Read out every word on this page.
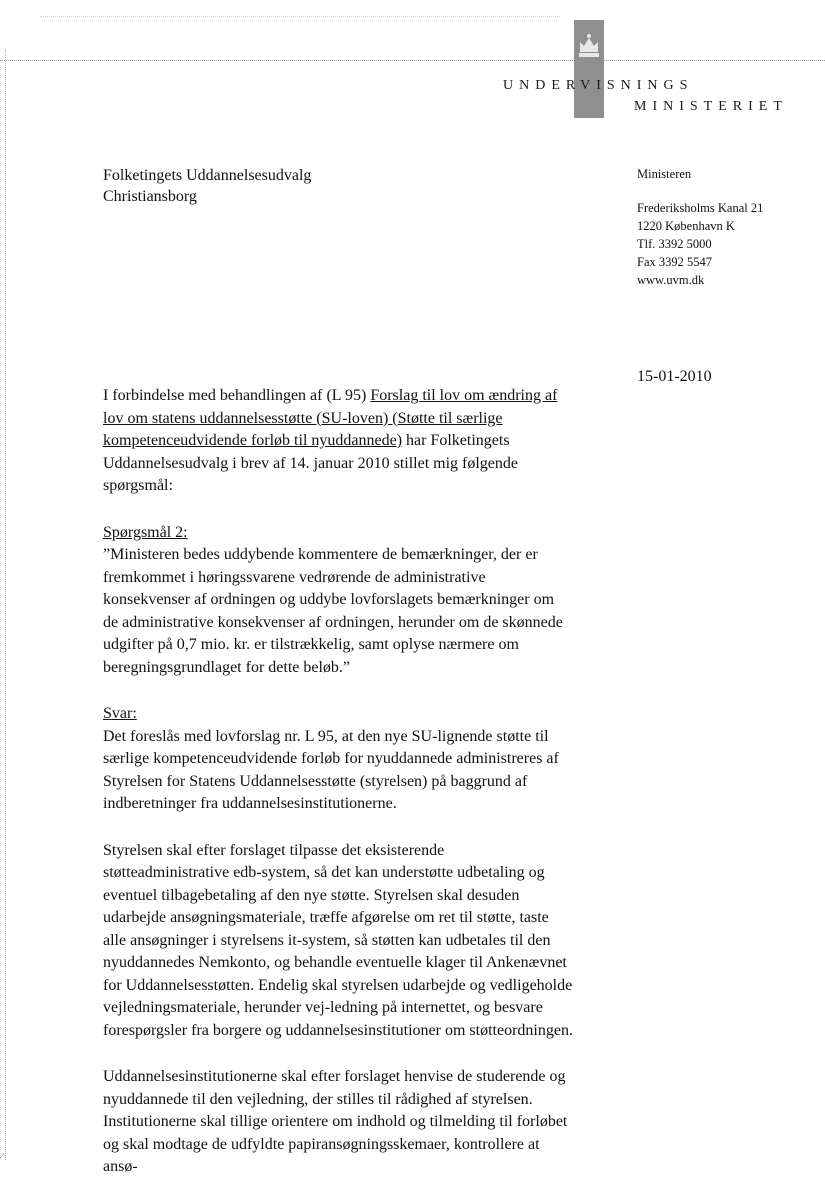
⁄
UNDERVISNINGS
MINISTERIET
Folketingets Uddannelsesudvalg
Christiansborg
Ministeren
Frederiksholms Kanal 21
1220 København K
Tlf. 3392 5000
Fax 3392 5547
www.uvm.dk
15-01-2010

I forbindelse med behandlingen af (L 95) Forslag til lov om ændring af lov om statens uddannelsesstøtte (SU-loven) (Støtte til særlige kompetenceudvidende forløb til nyuddannede) har Folketingets Uddannelsesudvalg i brev af 14. januar 2010 stillet mig følgende spørgsmål:

Spørgsmål 2:
”Ministeren bedes uddybende kommentere de bemærkninger, der er fremkommet i høringssvarene vedrørende de administrative konsekvenser af ordningen og uddybe lovforslagets bemærkninger om de administrative konsekvenser af ordningen, herunder om de skønnede udgifter på 0,7 mio. kr. er tilstrækkelig, samt oplyse nærmere om beregningsgrundlaget for dette beløb.”

Svar:
Det foreslås med lovforslag nr. L 95, at den nye SU-lignende støtte til særlige kompetenceudvidende forløb for nyuddannede administreres af Styrelsen for Statens Uddannelsesstøtte (styrelsen) på baggrund af indberetninger fra uddannelsesinstitutionerne.

Styrelsen skal efter forslaget tilpasse det eksisterende støtteadministrative edb-system, så det kan understøtte udbetaling og eventuel tilbagebetaling af den nye støtte. Styrelsen skal desuden udarbejde ansøgningsmateriale, træffe afgørelse om ret til støtte, taste alle ansøgninger i styrelsens it-system, så støtten kan udbetales til den nyuddannedes Nemkonto, og behandle eventuelle klager til Ankenævnet for Uddannelsesstøtten. Endelig skal styrelsen udarbejde og vedligeholde vejledningsmateriale, herunder vej-ledning på internettet, og besvare forespørgsler fra borgere og uddannelsesinstitutioner om støtteordningen.

Uddannelsesinstitutionerne skal efter forslaget henvise de studerende og nyuddannede til den vejledning, der stilles til rådighed af styrelsen. Institutionerne skal tillige orientere om indhold og tilmelding til forløbet og skal modtage de udfyldte papiransøgningsskemaer, kontrollere at ansø-
